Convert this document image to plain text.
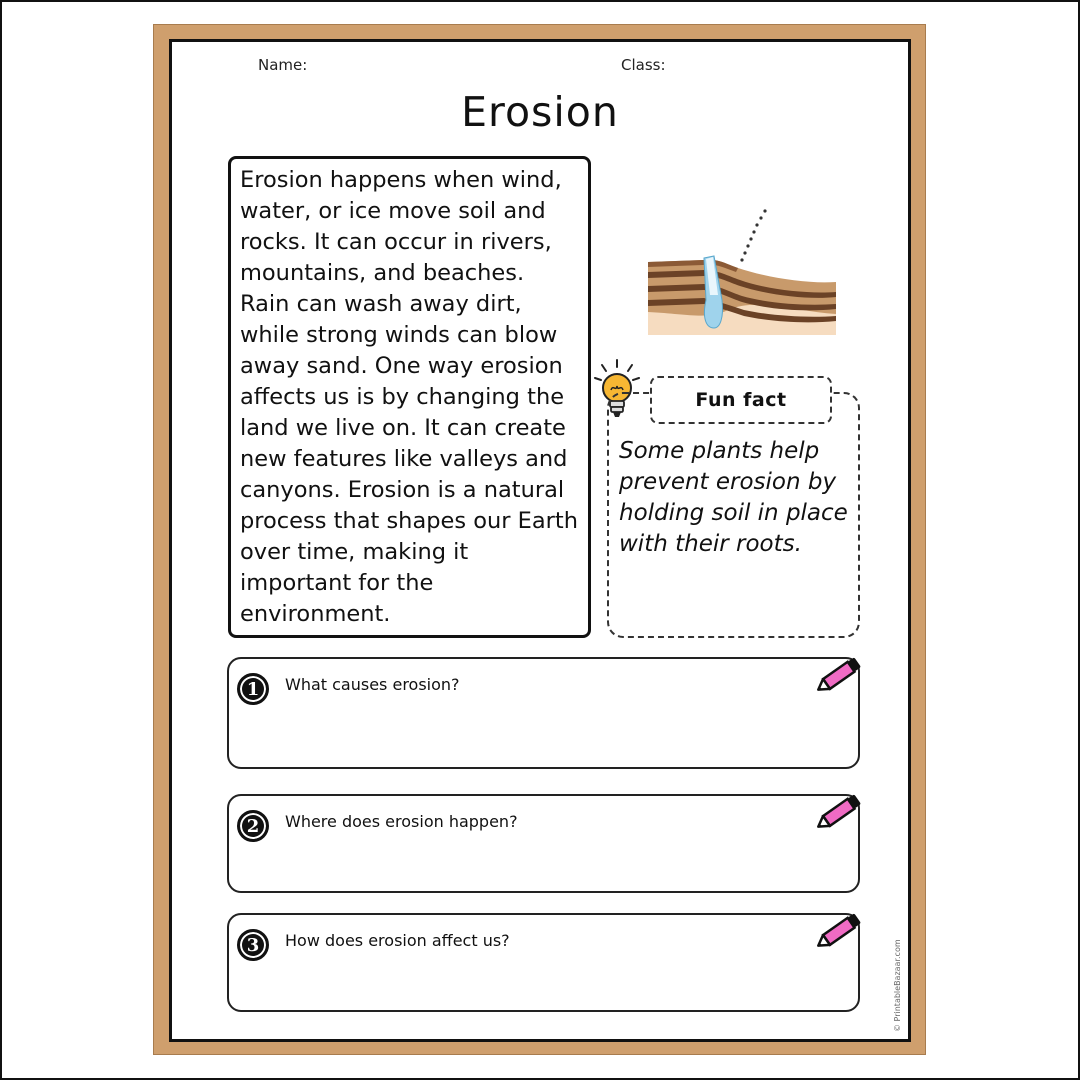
Name:	Class:
Erosion

Erosion happens when wind, water, or ice move soil and rocks. It can occur in rivers, mountains, and beaches. Rain can wash away dirt, while strong winds can blow away sand. One way erosion affects us is by changing the land we live on. It can create new features like valleys and canyons. Erosion is a natural process that shapes our Earth over time, making it important for the environment.

Fun fact

Some plants help prevent erosion by holding soil in place with their roots.

1	What causes erosion?
2	Where does erosion happen?
3	How does erosion affect us?	© PrintableBazaar.com
